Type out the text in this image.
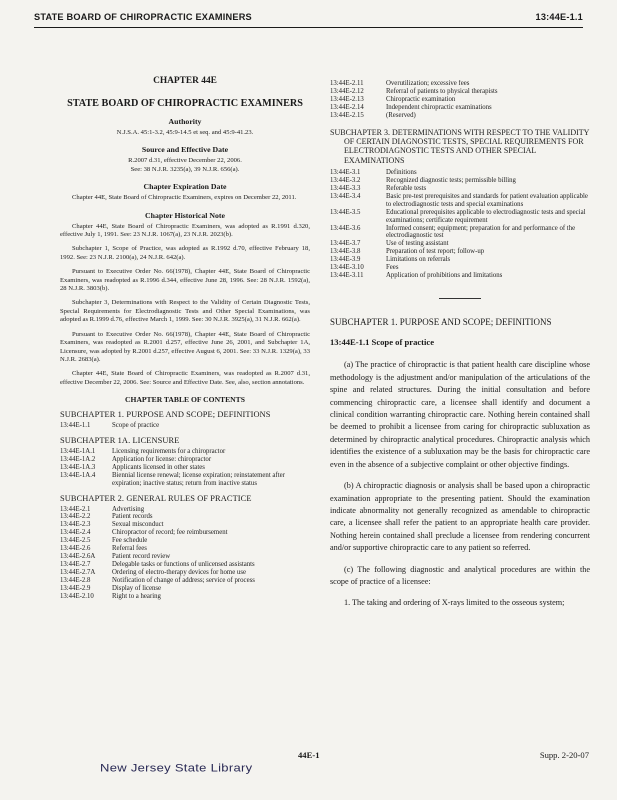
STATE BOARD OF CHIROPRACTIC EXAMINERS	13:44E-1.1
CHAPTER 44E
STATE BOARD OF CHIROPRACTIC EXAMINERS
Authority
N.J.S.A. 45:1-3.2, 45:9-14.5 et seq. and 45:9-41.23.
Source and Effective Date
R.2007 d.31, effective December 22, 2006.
See: 38 N.J.R. 3235(a), 39 N.J.R. 656(a).
Chapter Expiration Date

Chapter 44E, State Board of Chiropractic Examiners, expires on December 22, 2011.

Chapter Historical Note

Chapter 44E, State Board of Chiropractic Examiners, was adopted as R.1991 d.320, effective July 1, 1991. See: 23 N.J.R. 1067(a), 23 N.J.R. 2023(b).

Subchapter 1, Scope of Practice, was adopted as R.1992 d.70, effective February 18, 1992. See: 23 N.J.R. 2100(a), 24 N.J.R. 642(a).

Pursuant to Executive Order No. 66(1978), Chapter 44E, State Board of Chiropractic Examiners, was readopted as R.1996 d.344, effective June 28, 1996. See: 28 N.J.R. 1592(a), 28 N.J.R. 3803(b).

Subchapter 3, Determinations with Respect to the Validity of Certain Diagnostic Tests, Special Requirements for Electrodiagnostic Tests and Other Special Examinations, was adopted as R.1999 d.76, effective March 1, 1999. See: 30 N.J.R. 3925(a), 31 N.J.R. 662(a).

Pursuant to Executive Order No. 66(1978), Chapter 44E, State Board of Chiropractic Examiners, was readopted as R.2001 d.257, effective June 26, 2001, and Subchapter 1A, Licensure, was adopted by R.2001 d.257, effective August 6, 2001. See: 33 N.J.R. 1329(a), 33 N.J.R. 2683(a).

Chapter 44E, State Board of Chiropractic Examiners, was readopted as R.2007 d.31, effective December 22, 2006. See: Source and Effective Date. See, also, section annotations.

CHAPTER TABLE OF CONTENTS
SUBCHAPTER 1. PURPOSE AND SCOPE; DEFINITIONS
13:44E-1.1	Scope of practice
SUBCHAPTER 1A. LICENSURE
13:44E-1A.1	Licensing requirements for a chiropractor
13:44E-1A.2	Application for license: chiropractor
13:44E-1A.3	Applicants licensed in other states
13:44E-1A.4	Biennial license renewal; license expiration; reinstatement after expiration; inactive status; return from inactive status
SUBCHAPTER 2. GENERAL RULES OF PRACTICE
13:44E-2.1	Advertising
13:44E-2.2	Patient records
13:44E-2.3	Sexual misconduct
13:44E-2.4	Chiropractor of record; fee reimbursement
13:44E-2.5	Fee schedule
13:44E-2.6	Referral fees
13:44E-2.6A	Patient record review
13:44E-2.7	Delegable tasks or functions of unlicensed assistants
13:44E-2.7A	Ordering of electro-therapy devices for home use
13:44E-2.8	Notification of change of address; service of process
13:44E-2.9	Display of license
13:44E-2.10	Right to a hearing
13:44E-2.11	Overutilization; excessive fees
13:44E-2.12	Referral of patients to physical therapists
13:44E-2.13	Chiropractic examination
13:44E-2.14	Independent chiropractic examinations
13:44E-2.15	(Reserved)
SUBCHAPTER 3. DETERMINATIONS WITH RESPECT TO THE VALIDITY OF CERTAIN DIAGNOSTIC TESTS, SPECIAL REQUIREMENTS FOR ELECTRODIAGNOSTIC TESTS AND OTHER SPECIAL EXAMINATIONS
13:44E-3.1	Definitions
13:44E-3.2	Recognized diagnostic tests; permissible billing
13:44E-3.3	Referable tests
13:44E-3.4	Basic pre-test prerequisites and standards for patient evaluation applicable to electrodiagnostic tests and special examinations
13:44E-3.5	Educational prerequisites applicable to electrodiagnostic tests and special examinations; certificate requirement
13:44E-3.6	Informed consent; equipment; preparation for and performance of the electrodiagnostic test
13:44E-3.7	Use of testing assistant
13:44E-3.8	Preparation of test report; follow-up
13:44E-3.9	Limitations on referrals
13:44E-3.10	Fees
13:44E-3.11	Application of prohibitions and limitations
SUBCHAPTER 1. PURPOSE AND SCOPE; DEFINITIONS
13:44E-1.1 Scope of practice

(a) The practice of chiropractic is that patient health care discipline whose methodology is the adjustment and/or manipulation of the articulations of the spine and related structures. During the initial consultation and before commencing chiropractic care, a licensee shall identify and document a clinical condition warranting chiropractic care. Nothing herein contained shall be deemed to prohibit a licensee from caring for chiropractic subluxation as determined by chiropractic analytical procedures. Chiropractic analysis which identifies the existence of a subluxation may be the basis for chiropractic care even in the absence of a subjective complaint or other objective findings.

(b) A chiropractic diagnosis or analysis shall be based upon a chiropractic examination appropriate to the presenting patient. Should the examination indicate abnormality not generally recognized as amendable to chiropractic care, a licensee shall refer the patient to an appropriate health care provider. Nothing herein contained shall preclude a licensee from rendering concurrent and/or supportive chiropractic care to any patient so referred.

(c) The following diagnostic and analytical procedures are within the scope of practice of a licensee:

1. The taking and ordering of X-rays limited to the osseous system;

New Jersey State Library
44E-1	Supp. 2-20-07
